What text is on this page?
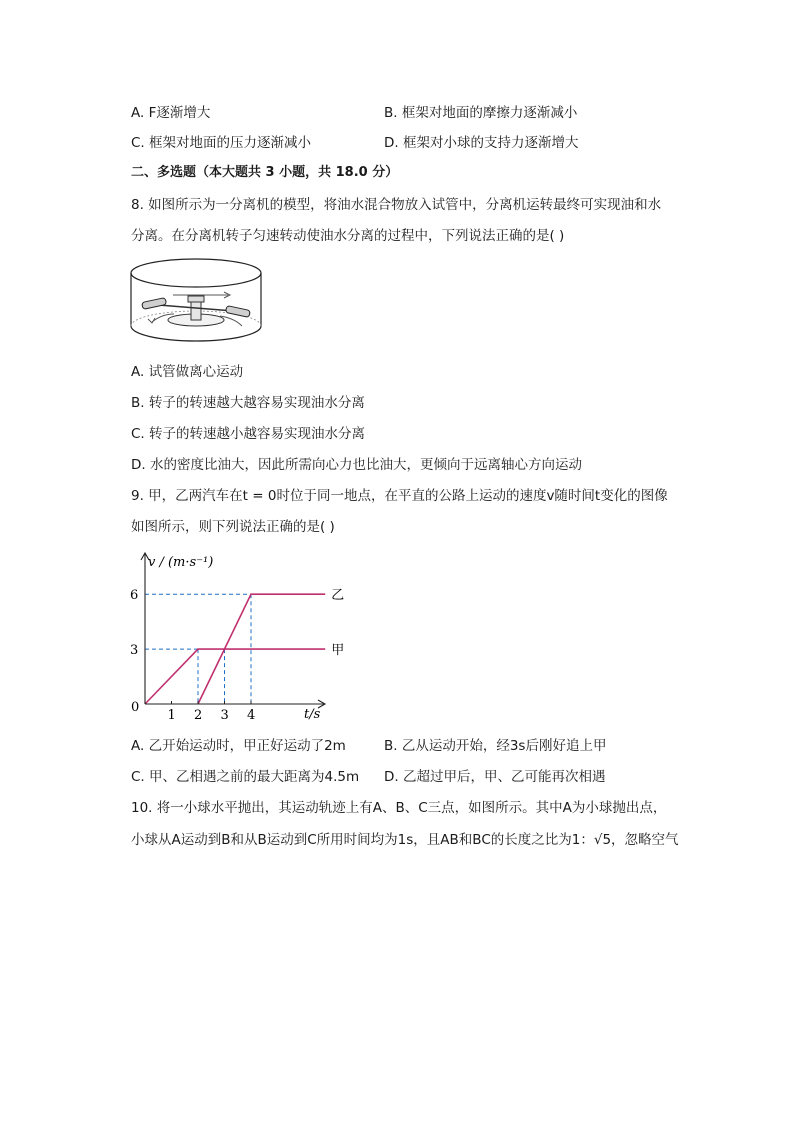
A. F逐渐增大	B. 框架对地面的摩擦力逐渐减小
C. 框架对地面的压力逐渐减小	D. 框架对小球的支持力逐渐增大
二、多选题（本大题共 3 小题，共 18.0 分）
8. 如图所示为一分离机的模型，将油水混合物放入试管中，分离机运转最终可实现油和水
分离。在分离机转子匀速转动使油水分离的过程中，下列说法正确的是( )
A. 试管做离心运动
B. 转子的转速越大越容易实现油水分离
C. 转子的转速越小越容易实现油水分离
D. 水的密度比油大，因此所需向心力也比油大，更倾向于远离轴心方向运动
9. 甲，乙两汽车在t = 0时位于同一地点，在平直的公路上运动的速度v随时间t变化的图像
如图所示，则下列说法正确的是( )
甲
乙
1 2 3 4
3
6
v / (m·s⁻¹)
t/s
0
A. 乙开始运动时，甲正好运动了2m	B. 乙从运动开始，经3s后刚好追上甲
C. 甲、乙相遇之前的最大距离为4.5m D. 乙超过甲后，甲、乙可能再次相遇
10. 将一小球水平抛出，其运动轨迹上有A、B、C三点，如图所示。其中A为小球抛出点，
小球从A运动到B和从B运动到C所用时间均为1s，且AB和BC的长度之比为1：√5，忽略空气
